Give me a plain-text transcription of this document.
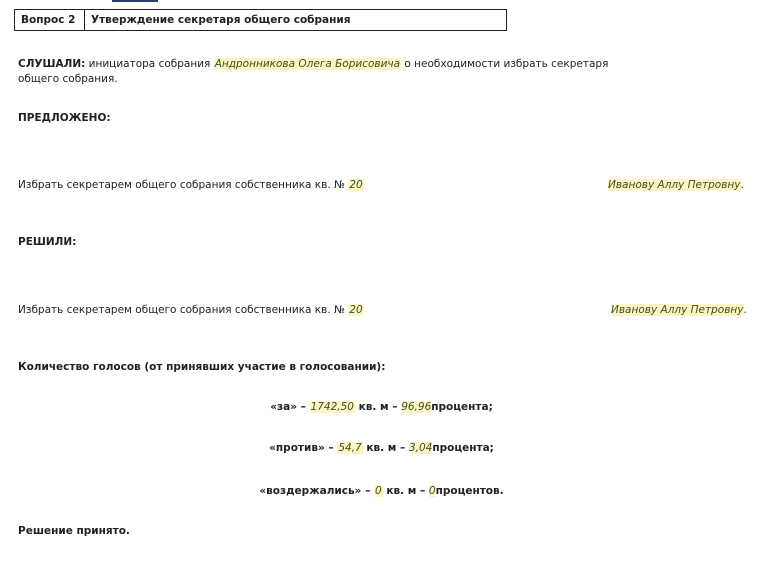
Вопрос 2	Утверждение секретаря общего собрания
СЛУШАЛИ: инициатора собрания Андронникова Олега Борисовича о необходимости избрать секретаря
общего собрания.
ПРЕДЛОЖЕНО:
Избрать секретарем общего собрания собственника кв. № 20	Иванову Аллу Петровну.
РЕШИЛИ:
Избрать секретарем общего собрания собственника кв. № 20	Иванову Аллу Петровну.
Количество голосов (от принявших участие в голосовании):
«за» – 1742,50 кв. м – 96,96процента;
«против» – 54,7 кв. м – 3,04процента;
«воздержались» – 0 кв. м – 0процентов.
Решение принято.
